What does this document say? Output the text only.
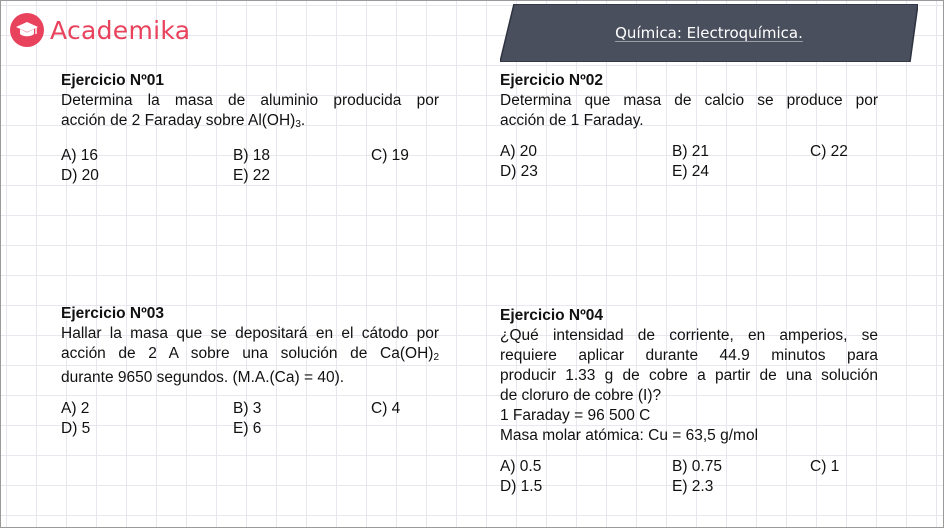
Academika	Química: Electroquímica.
Ejercicio Nº01

Determina la masa de aluminio producida por

acción de 2 Faraday sobre $Al(OH)_3$.

A) 16	B) 18	C) 19
D) 20	E) 22
Ejercicio Nº02

Determina que masa de calcio se produce por

acción de 1 Faraday.

A) 20	B) 21	C) 22
D) 23	E) 24
Ejercicio Nº03

Hallar la masa que se depositará en el cátodo por

acción de 2 A sobre una solución de $Ca(OH)_2$

durante 9650 segundos. (M.A.(Ca) = 40).

A) 2	B) 3	C) 4
D) 5	E) 6
Ejercicio Nº04

¿Qué intensidad de corriente, en amperios, se

requiere aplicar durante 44.9 minutos para

producir 1.33 g de cobre a partir de una solución

de cloruro de cobre (I)?

1 Faraday = 96 500 C

Masa molar atómica: Cu = 63,5 g/mol

A) 0.5	B) 0.75	C) 1
D) 1.5	E) 2.3
